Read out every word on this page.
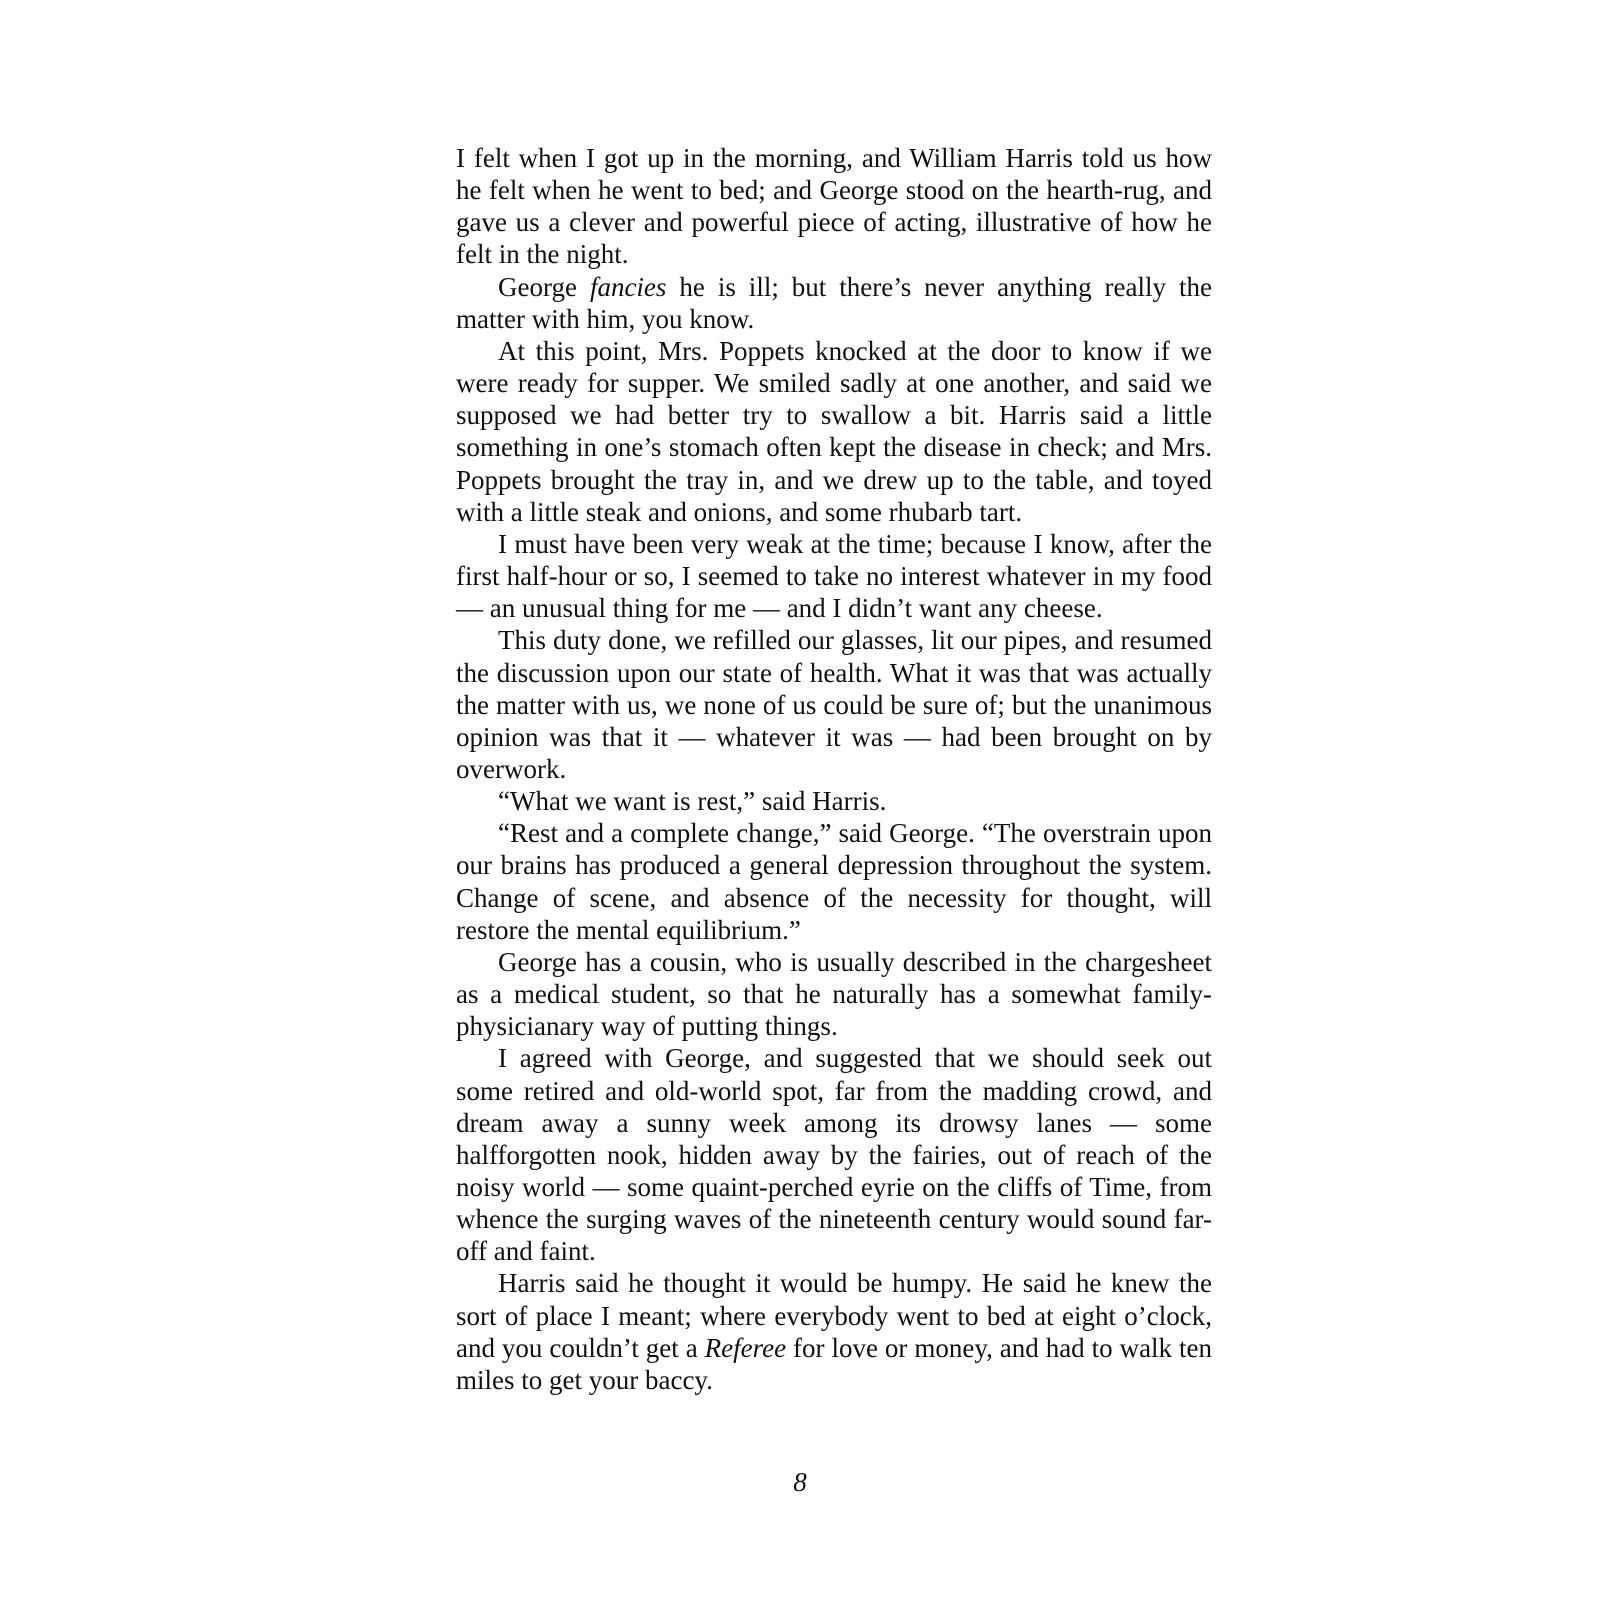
I felt when I got up in the morning, and William Harris told us how he felt when he went to bed; and George stood on the hearth-rug, and gave us a clever and powerful piece of acting, illustrative of how he felt in the night.

George fancies he is ill; but there’s never anything really the matter with him, you know.

At this point, Mrs. Poppets knocked at the door to know if we were ready for supper. We smiled sadly at one another, and said we supposed we had better try to swallow a bit. Harris said a little something in one’s stomach often kept the disease in check; and Mrs. Poppets brought the tray in, and we drew up to the table, and toyed with a little steak and onions, and some rhubarb tart.

I must have been very weak at the time; because I know, after the first half-hour or so, I seemed to take no interest whatever in my food — an unusual thing for me — and I didn’t want any cheese.

This duty done, we refilled our glasses, lit our pipes, and resumed the discussion upon our state of health. What it was that was actually the matter with us, we none of us could be sure of; but the unanimous opinion was that it — whatever it was — had been brought on by overwork.

“What we want is rest,” said Harris.

“Rest and a complete change,” said George. “The overstrain upon our brains has produced a general depression throughout the system. Change of scene, and absence of the necessity for thought, will restore the mental equilibrium.”

George has a cousin, who is usually described in the chargesheet as a medical student, so that he naturally has a somewhat family-physicianary way of putting things.

I agreed with George, and suggested that we should seek out some retired and old-world spot, far from the madding crowd, and dream away a sunny week among its drowsy lanes — some halfforgotten nook, hidden away by the fairies, out of reach of the noisy world — some quaint-perched eyrie on the cliffs of Time, from whence the surging waves of the nineteenth century would sound far-off and faint.

Harris said he thought it would be humpy. He said he knew the sort of place I meant; where everybody went to bed at eight o’clock, and you couldn’t get a Referee for love or money, and had to walk ten miles to get your baccy.

8
